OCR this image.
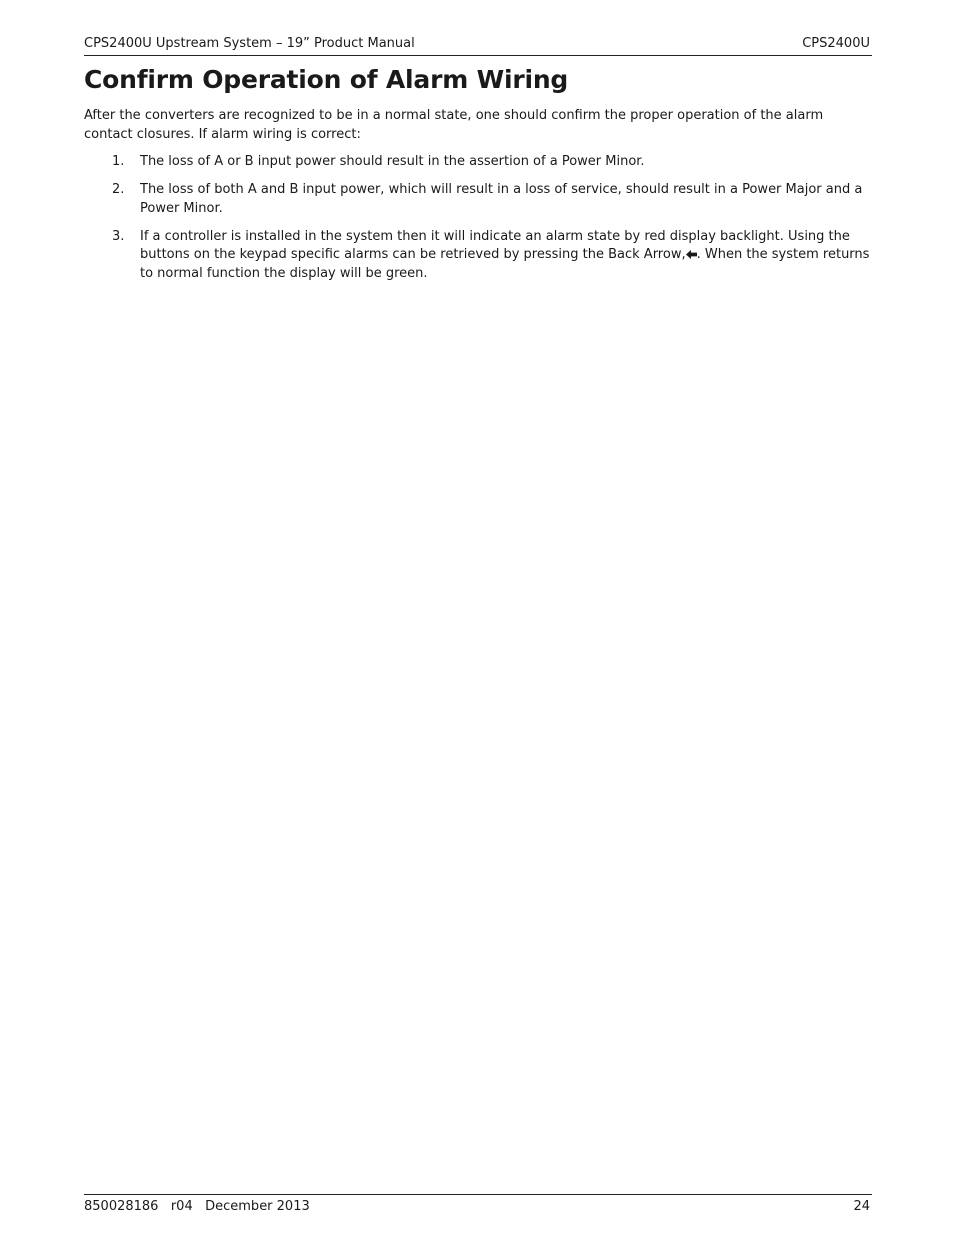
CPS2400U Upstream System – 19” Product Manual	CPS2400U
Confirm Operation of Alarm Wiring

After the converters are recognized to be in a normal state, one should confirm the proper operation of the alarm contact closures. If alarm wiring is correct:

1. The loss of A or B input power should result in the assertion of a Power Minor.
2. The loss of both A and B input power, which will result in a loss of service, should result in a Power Major and a Power Minor.
3. If a controller is installed in the system then it will indicate an alarm state by red display backlight. Using the buttons on the keypad specific alarms can be retrieved by pressing the Back Arrow, . When the system returns to normal function the display will be green.
850028186   r04   December 2013	24
